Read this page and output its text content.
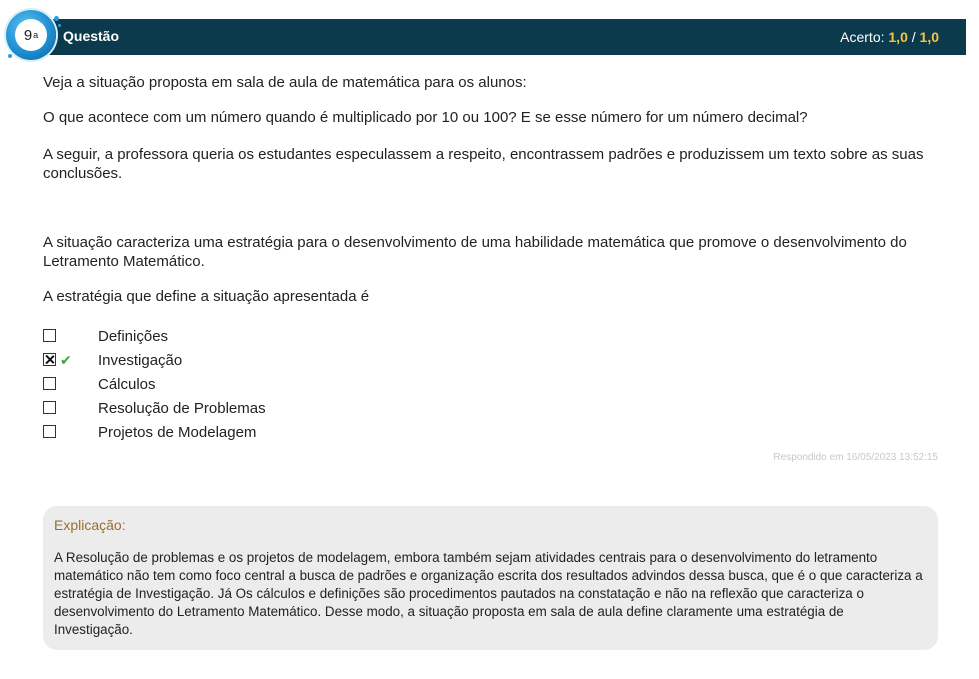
9 a Questão	Acerto: 1,0 / 1,0

Veja a situação proposta em sala de aula de matemática para os alunos:

O que acontece com um número quando é multiplicado por 10 ou 100? E se esse número for um número decimal?

A seguir, a professora queria os estudantes especulassem a respeito, encontrassem padrões e produzissem um texto sobre as suas conclusões.

A situação caracteriza uma estratégia para o desenvolvimento de uma habilidade matemática que promove o desenvolvimento do Letramento Matemático.

A estratégia que define a situação apresentada é

Definições
✔ Investigação
Cálculos
Resolução de Problemas
Projetos de Modelagem
Respondido em 16/05/2023 13:52:15
Explicação:
A Resolução de problemas e os projetos de modelagem, embora também sejam atividades centrais para o desenvolvimento do letramento matemático não tem como foco central a busca de padrões e organização escrita dos resultados advindos dessa busca, que é o que caracteriza a estratégia de Investigação. Já Os cálculos e definições são procedimentos pautados na constatação e não na reflexão que caracteriza o desenvolvimento do Letramento Matemático. Desse modo, a situação proposta em sala de aula define claramente uma estratégia de Investigação.
